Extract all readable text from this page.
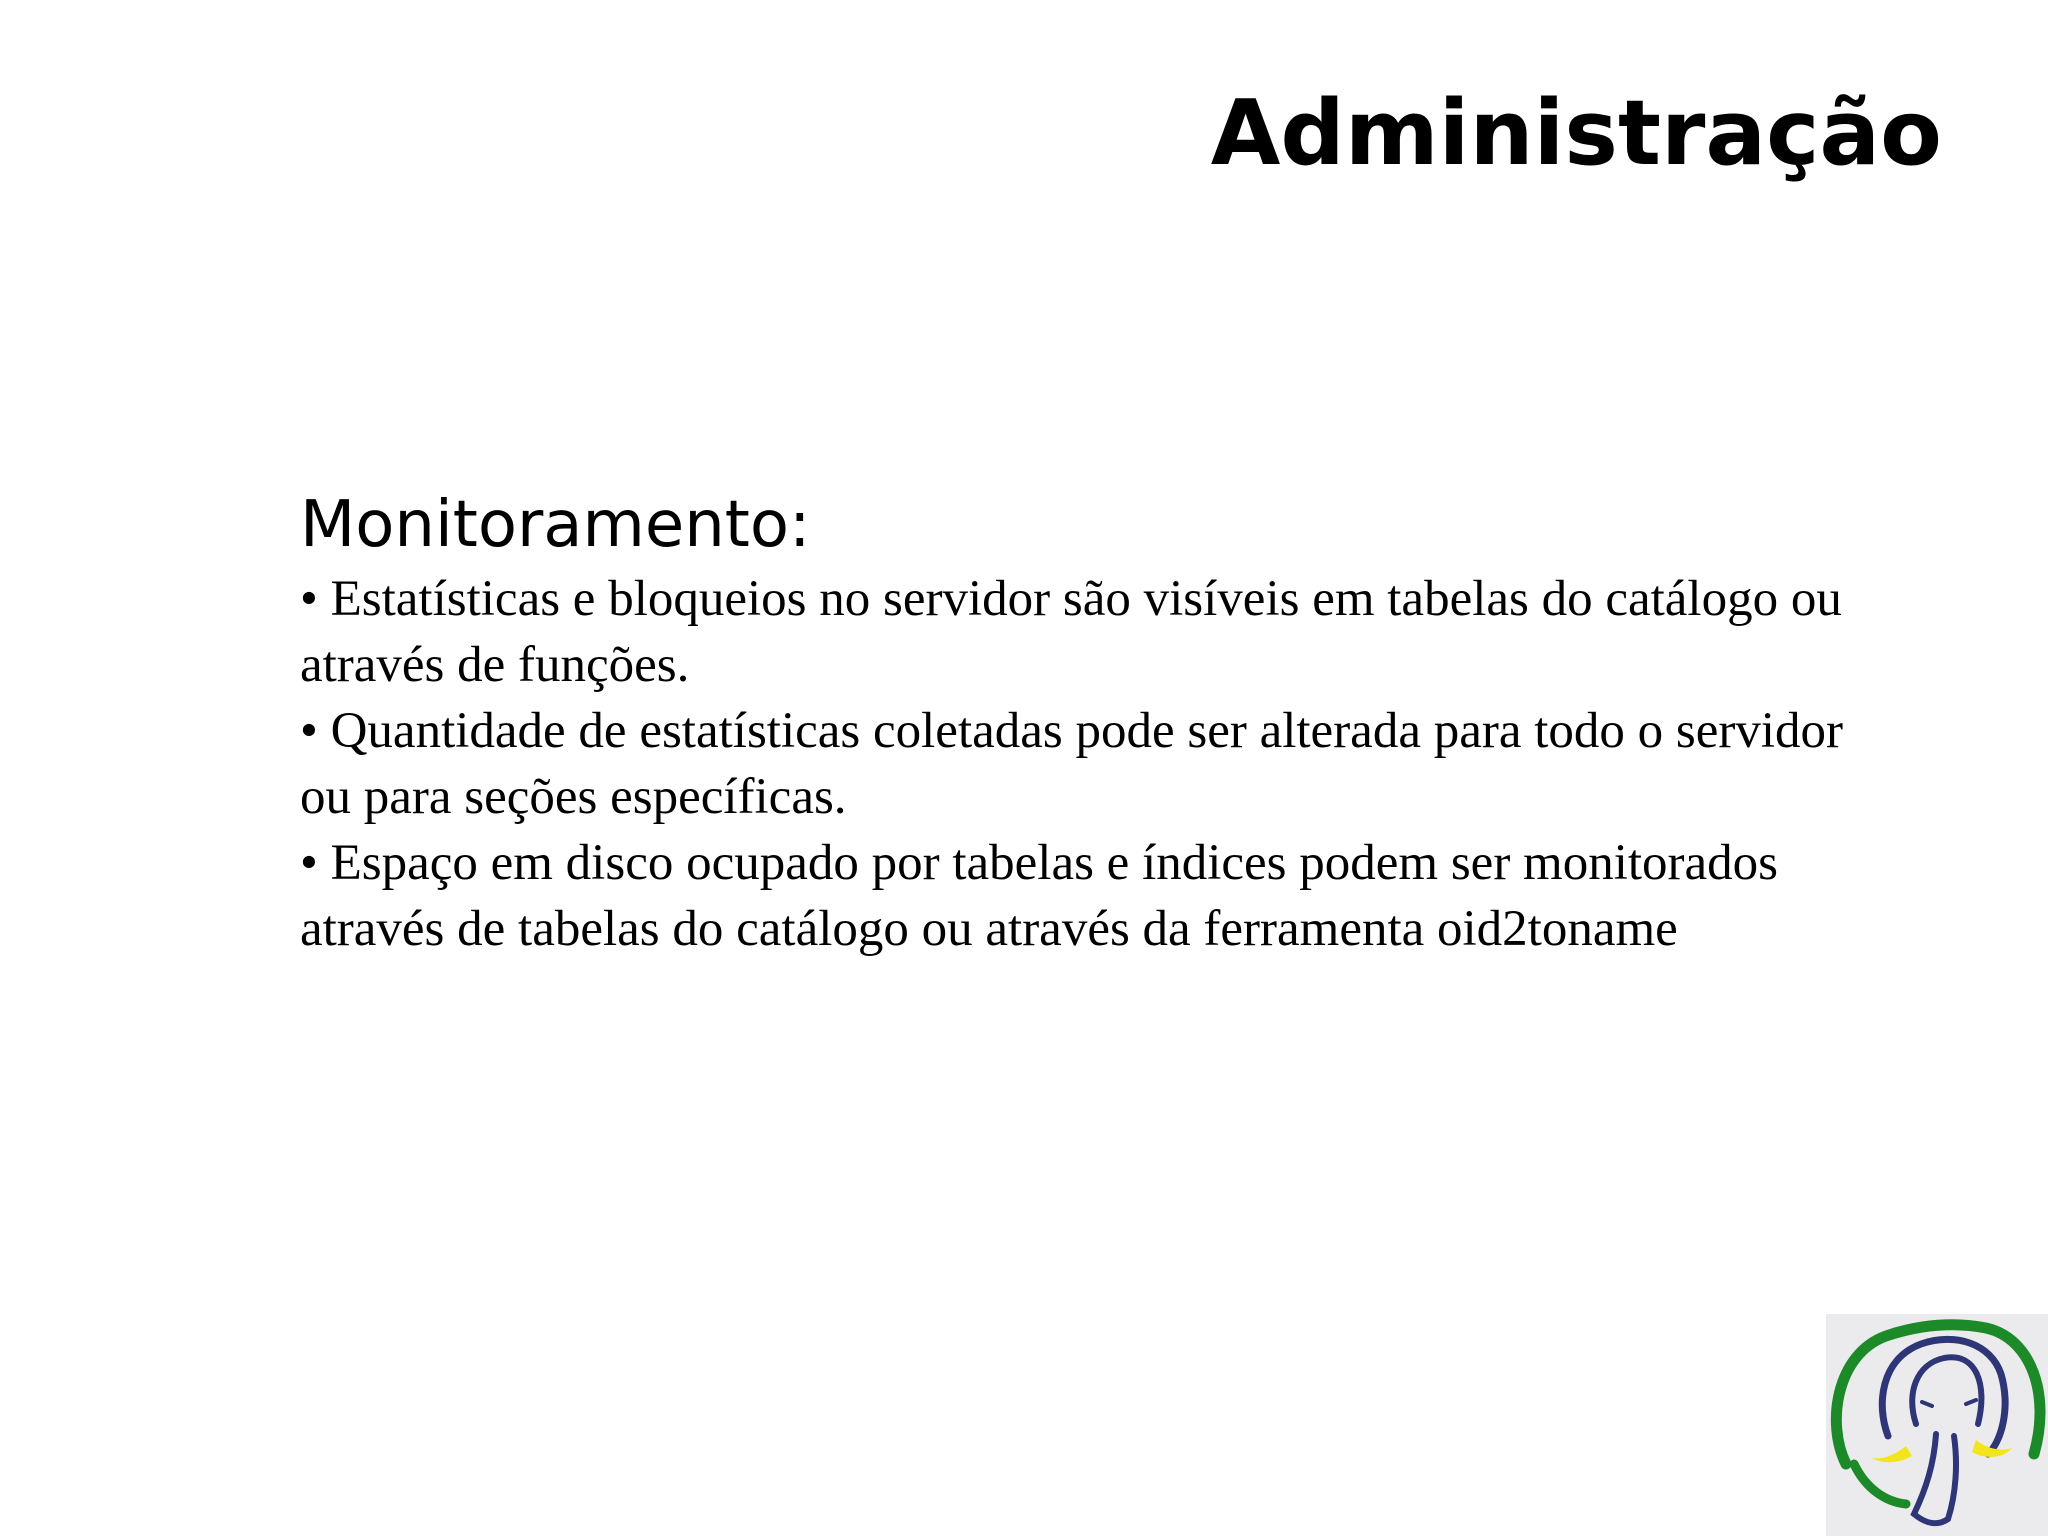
Administração

Monitoramento:

• Estatísticas e bloqueios no servidor são visíveis em tabelas do catálogo ou através de funções.

• Quantidade de estatísticas coletadas pode ser alterada para todo o servidor ou para seções específicas.

• Espaço em disco ocupado por tabelas e índices podem ser monitorados através de tabelas do catálogo ou através da ferramenta oid2toname
